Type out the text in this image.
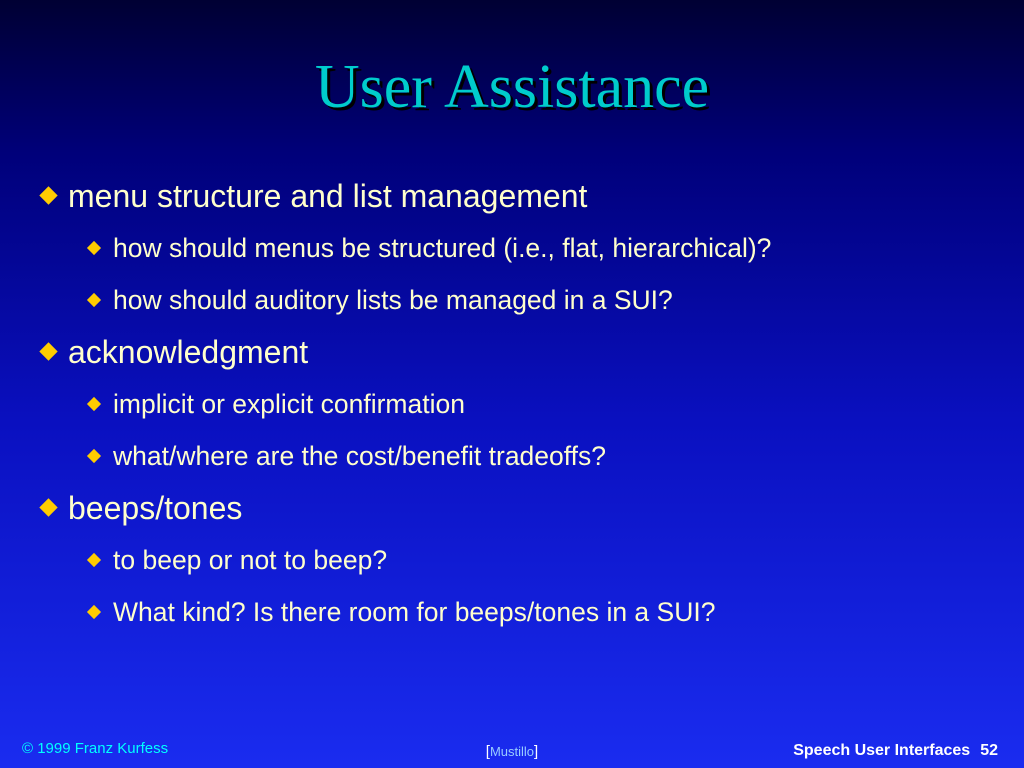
User Assistance
menu structure and list management
how should menus be structured (i.e., flat, hierarchical)?
how should auditory lists be managed in a SUI?
acknowledgment
implicit or explicit confirmation
what/where are the cost/benefit tradeoffs?
beeps/tones
to beep or not to beep?
What kind? Is there room for beeps/tones in a SUI?
© 1999 Franz Kurfess	[Mustillo]	Speech User Interfaces 52
